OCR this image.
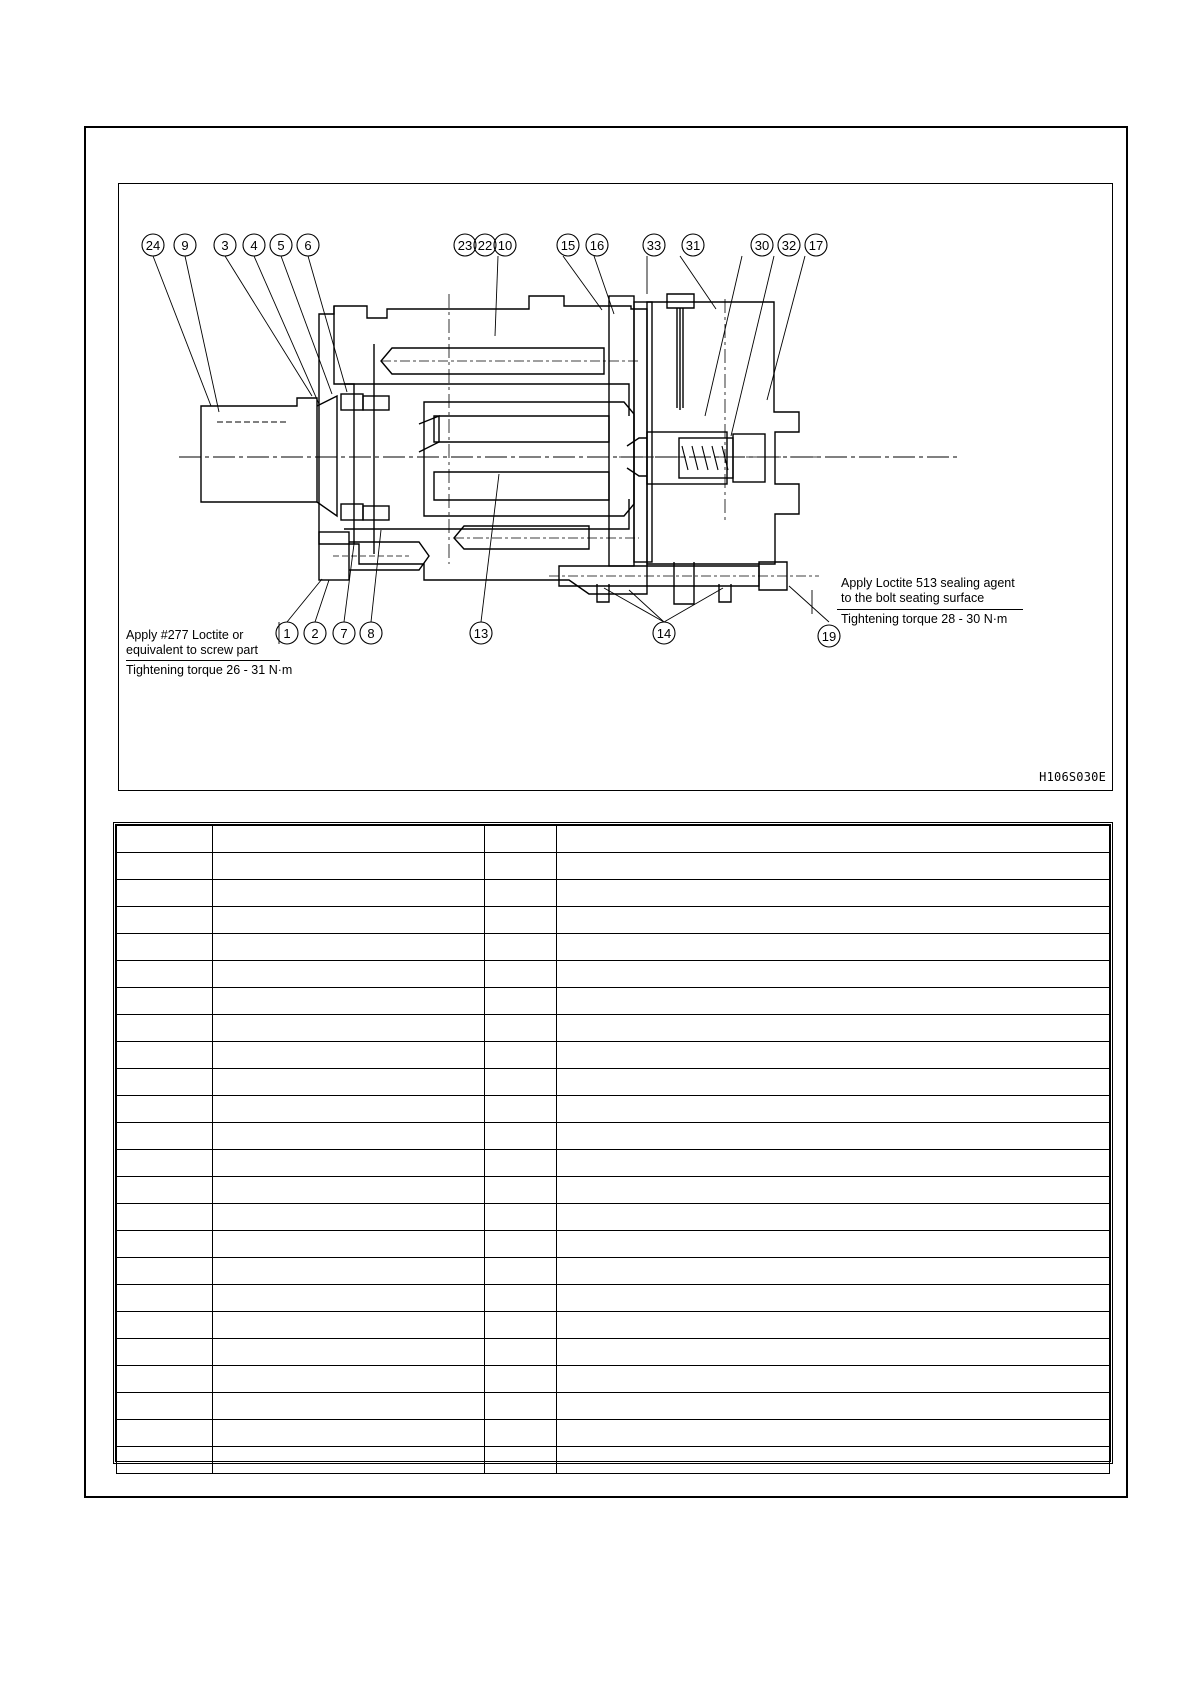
24 9	3 4 5 6	23 22 10	15 16	33 31	30 32 17
1 2 7 8	13	14	19
Apply #277 Loctite or
equivalent to screw part
Tightening torque 26 - 31 N·m
Apply Loctite 513 sealing agent
to the bolt seating surface
Tightening torque 28 - 30 N·m
H106S030E
